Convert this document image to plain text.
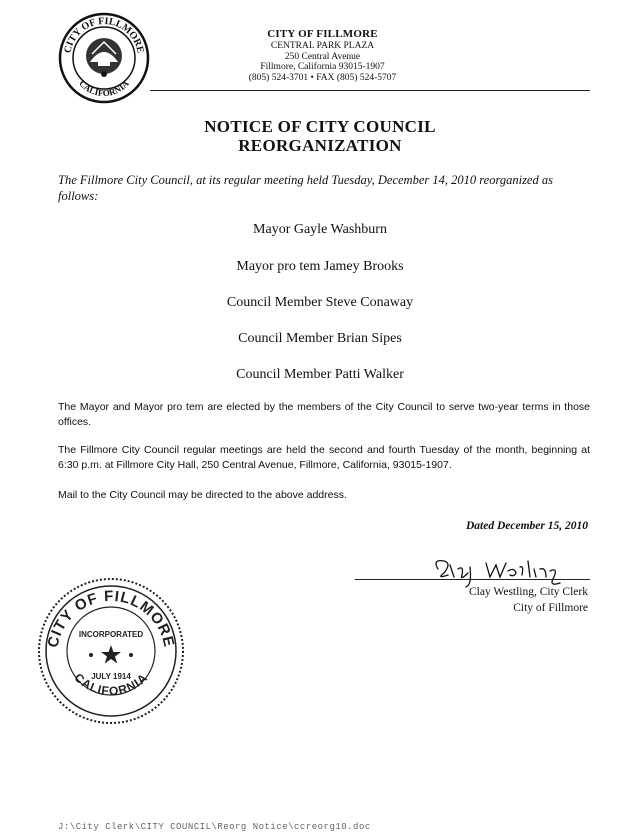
CITY OF FILLMORE
CALIFORNIA
CITY OF FILLMORE
CENTRAL PARK PLAZA
250 Central Avenue
Fillmore, California 93015-1907
(805) 524-3701 • FAX (805) 524-5707
NOTICE OF CITY COUNCIL
REORGANIZATION
The Fillmore City Council, at its regular meeting held Tuesday, December 14, 2010 reorganized as follows:
Mayor Gayle Washburn
Mayor pro tem Jamey Brooks
Council Member Steve Conaway
Council Member Brian Sipes
Council Member Patti Walker
The Mayor and Mayor pro tem are elected by the members of the City Council to serve two-year terms in those offices.
The Fillmore City Council regular meetings are held the second and fourth Tuesday of the month, beginning at 6:30 p.m. at Fillmore City Hall, 250 Central Avenue, Fillmore, California, 93015-1907.
Mail to the City Council may be directed to the above address.
Dated December 15, 2010
Clay Westling, City Clerk
City of Fillmore
CITY OF FILLMORE
CALIFORNIA
INCORPORATED
JULY 1914
J:\City Clerk\CITY COUNCIL\Reorg Notice\ccreorg10.doc
